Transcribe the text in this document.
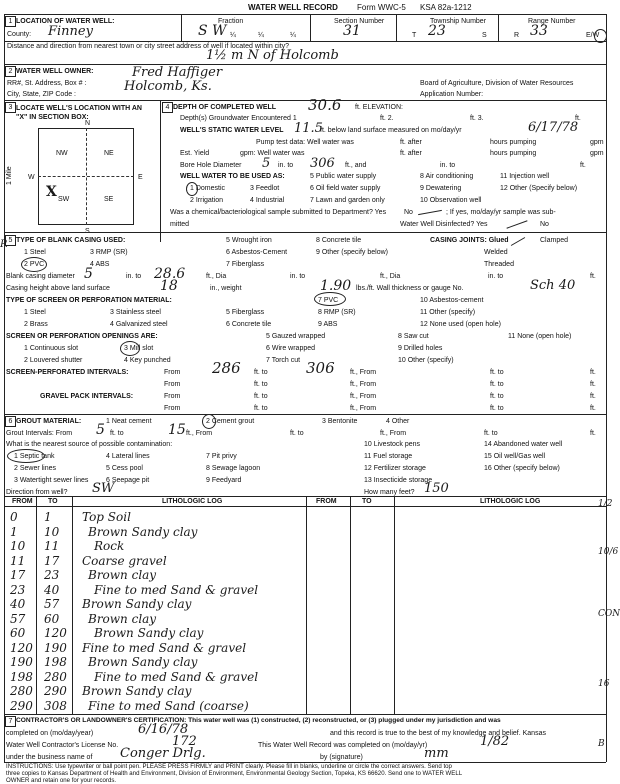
WATER WELL RECORD Form WWC-5 KSA 82a-1212
1 LOCATION OF WATER WELL:	Fraction	Section Number	Township Number	Range Number
County: Finney	S W ¼	¼	¼	31	T 23	S	R 33	E/W
Distance and direction from nearest town or city street address of well if located within city?
1½ m N of Holcomb
2 WATER WELL OWNER:	Fred Haffiger
RR#, St. Address, Box # :	Holcomb, Ks.	Board of Agriculture, Division of Water Resources
City, State, ZIP Code :	Application Number:
3 LOCATE WELL'S LOCATION WITH AN "X" IN SECTION BOX:
N
NW	NE
SW	SE
W	E
S
1 Mile
X
4 DEPTH OF COMPLETED WELL 30.6 ft. ELEVATION:
Depth(s) Groundwater Encountered 1	ft. 2.	ft. 3.	ft.
WELL'S STATIC WATER LEVEL 11.5
ft. below land surface measured on mo/day/yr	6/17/78
Pump test data: Well water was	ft. after	hours pumping	gpm
Est. Yield	gpm: Well water was	ft. after	hours pumping	gpm
Bore Hole Diameter 5 in. to 306 ft., and	in. to	ft.
WELL WATER TO BE USED AS:	5 Public water supply	8 Air conditioning	11 Injection well
1 Domestic	3 Feedlot	6 Oil field water supply	9 Dewatering	12 Other (Specify below)
2 Irrigation	4 Industrial	7 Lawn and garden only	10 Observation well
Was a chemical/bacteriological sample submitted to Department? Yes	No	; If yes, mo/day/yr sample was sub-
mitted	Water Well Disinfected? Yes	No
5 TYPE OF BLANK CASING USED:	5 Wrought iron	8 Concrete tile	CASING JOINTS: Glued	Clamped
1 Steel	3 RMP (SR)	6 Asbestos-Cement	9 Other (specify below)	Welded
2 PVC	4 ABS	7 Fiberglass	Threaded
Blank casing diameter 5	in. to 28.6	ft., Dia	in. to	ft., Dia	in. to	ft.
Casing height above land surface	18	in., weight	1.90 lbs./ft. Wall thickness or gauge No.	Sch 40
TYPE OF SCREEN OR PERFORATION MATERIAL:	7 PVC	10 Asbestos-cement
1 Steel	3 Stainless steel	5 Fiberglass	8 RMP (SR)	11 Other (specify)
2 Brass	4 Galvanized steel	6 Concrete tile	9 ABS	12 None used (open hole)
SCREEN OR PERFORATION OPENINGS ARE:	5 Gauzed wrapped	8 Saw cut	11 None (open hole)
1 Continuous slot	3 Mill slot	6 Wire wrapped	9 Drilled holes
2 Louvered shutter	4 Key punched	7 Torch cut	10 Other (specify)
SCREEN-PERFORATED INTERVALS:	From 286 ft. to	306 ft., From	ft. to	ft.
From	ft. to	ft., From	ft. to	ft.
GRAVEL PACK INTERVALS:	From	ft. to	ft., From	ft. to	ft.
From	ft. to	ft., From	ft. to	ft.
6 GROUT MATERIAL:	1 Neat cement	2 Cement grout	3 Bentonite	4 Other
Grout Intervals: From 5 ft. to	15 ft., From	ft. to	ft., From	ft. to	ft.
What is the nearest source of possible contamination:	10 Livestock pens	14 Abandoned water well
1 Septic tank	4 Lateral lines	7 Pit privy	11 Fuel storage	15 Oil well/Gas well
2 Sewer lines	5 Cess pool	8 Sewage lagoon	12 Fertilizer storage	16 Other (specify below)
3 Watertight sewer lines	6 Seepage pit	9 Feedyard	13 Insecticide storage
Direction from well? SW	How many feet? 150
FROM TO	LITHOLOGIC LOG	FROM	TO	LITHOLOGIC LOG
0 1	Top Soil
1 10 Brown Sandy clay
10 11	Rock
11 17 Coarse gravel
17 23 Brown clay
23 40	Fine to med Sand & gravel
40 57 Brown Sandy clay
57 60 Brown clay
60 120 Brown Sandy clay
120 190 Fine to med Sand & gravel
190 198 Brown Sandy clay
198 280 Fine to med Sand & gravel
280 290 Brown Sandy clay
290 308 Fine to med Sand (coarse)
7 CONTRACTOR'S OR LANDOWNER'S CERTIFICATION: This water well was (1) constructed, (2) reconstructed, or (3) plugged under my jurisdiction and was
completed on (mo/day/year)	6/16/78	and this record is true to the best of my knowledge and belief. Kansas
Water Well Contractor's License No.	172	This Water Well Record was completed on (mo/day/yr)	1/82
under the business name of Conger Drlg.	by (signature)	mm
INSTRUCTIONS: Use typewriter or ball point pen. PLEASE PRESS FIRMLY and PRINT clearly. Please fill in blanks, underline or circle the correct answers. Send top
three copies to Kansas Department of Health and Environment, Division of Environment, Environmental Geology Section, Topeka, KS 66620. Send one to WATER WELL
OWNER and retain one for your records.
P.
1/2
10/6
CON
16
B
